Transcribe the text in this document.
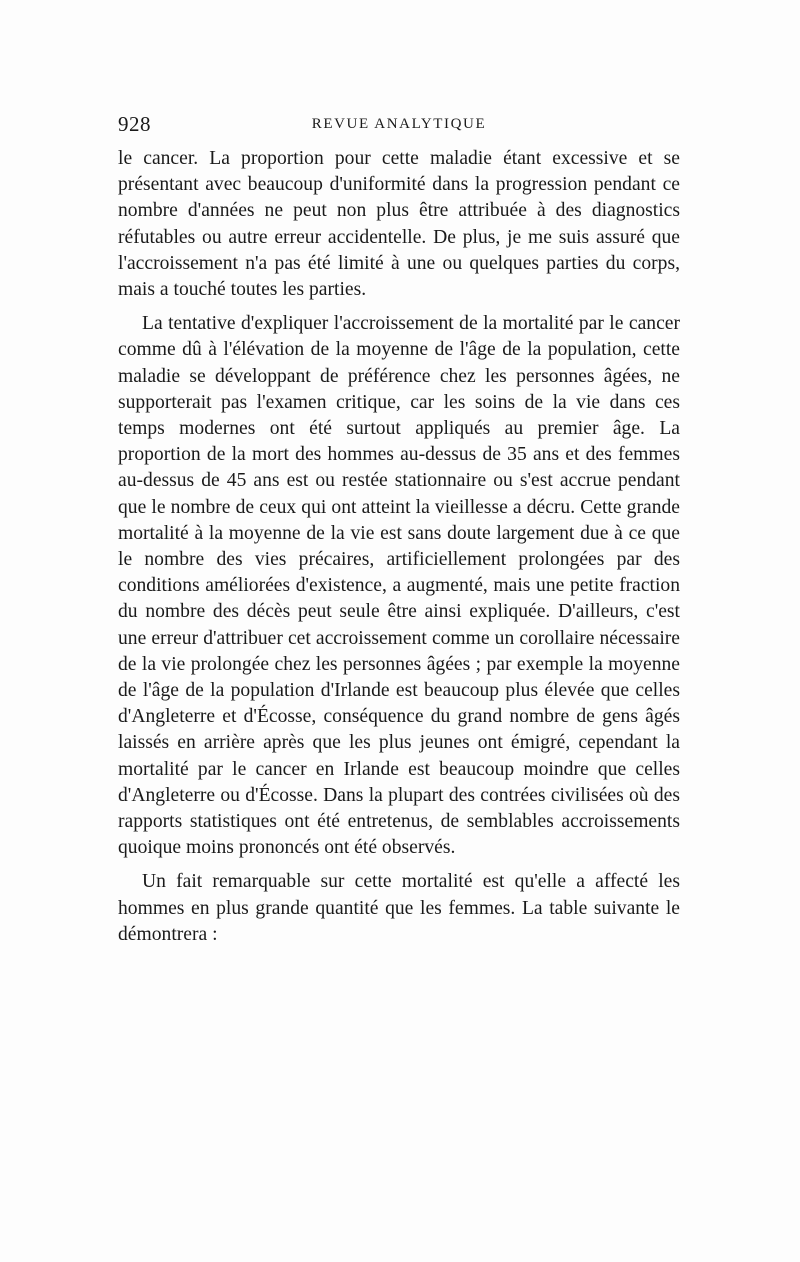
928	REVUE ANALYTIQUE

le cancer. La proportion pour cette maladie étant excessive et se présentant avec beaucoup d'uniformité dans la progression pendant ce nombre d'années ne peut non plus être attribuée à des diagnostics réfutables ou autre erreur accidentelle. De plus, je me suis assuré que l'accroissement n'a pas été limité à une ou quelques parties du corps, mais a touché toutes les parties.

La tentative d'expliquer l'accroissement de la mortalité par le cancer comme dû à l'élévation de la moyenne de l'âge de la population, cette maladie se développant de préférence chez les personnes âgées, ne supporterait pas l'examen critique, car les soins de la vie dans ces temps modernes ont été surtout appliqués au premier âge. La proportion de la mort des hommes au-dessus de 35 ans et des femmes au-dessus de 45 ans est ou restée stationnaire ou s'est accrue pendant que le nombre de ceux qui ont atteint la vieillesse a décru. Cette grande mortalité à la moyenne de la vie est sans doute largement due à ce que le nombre des vies précaires, artificiellement prolongées par des conditions améliorées d'existence, a augmenté, mais une petite fraction du nombre des décès peut seule être ainsi expliquée. D'ailleurs, c'est une erreur d'attribuer cet accroissement comme un corollaire nécessaire de la vie prolongée chez les personnes âgées ; par exemple la moyenne de l'âge de la population d'Irlande est beaucoup plus élevée que celles d'Angleterre et d'Écosse, conséquence du grand nombre de gens âgés laissés en arrière après que les plus jeunes ont émigré, cependant la mortalité par le cancer en Irlande est beaucoup moindre que celles d'Angleterre ou d'Écosse. Dans la plupart des contrées civilisées où des rapports statistiques ont été entretenus, de semblables accroissements quoique moins prononcés ont été observés.

Un fait remarquable sur cette mortalité est qu'elle a affecté les hommes en plus grande quantité que les femmes. La table suivante le démontrera :
